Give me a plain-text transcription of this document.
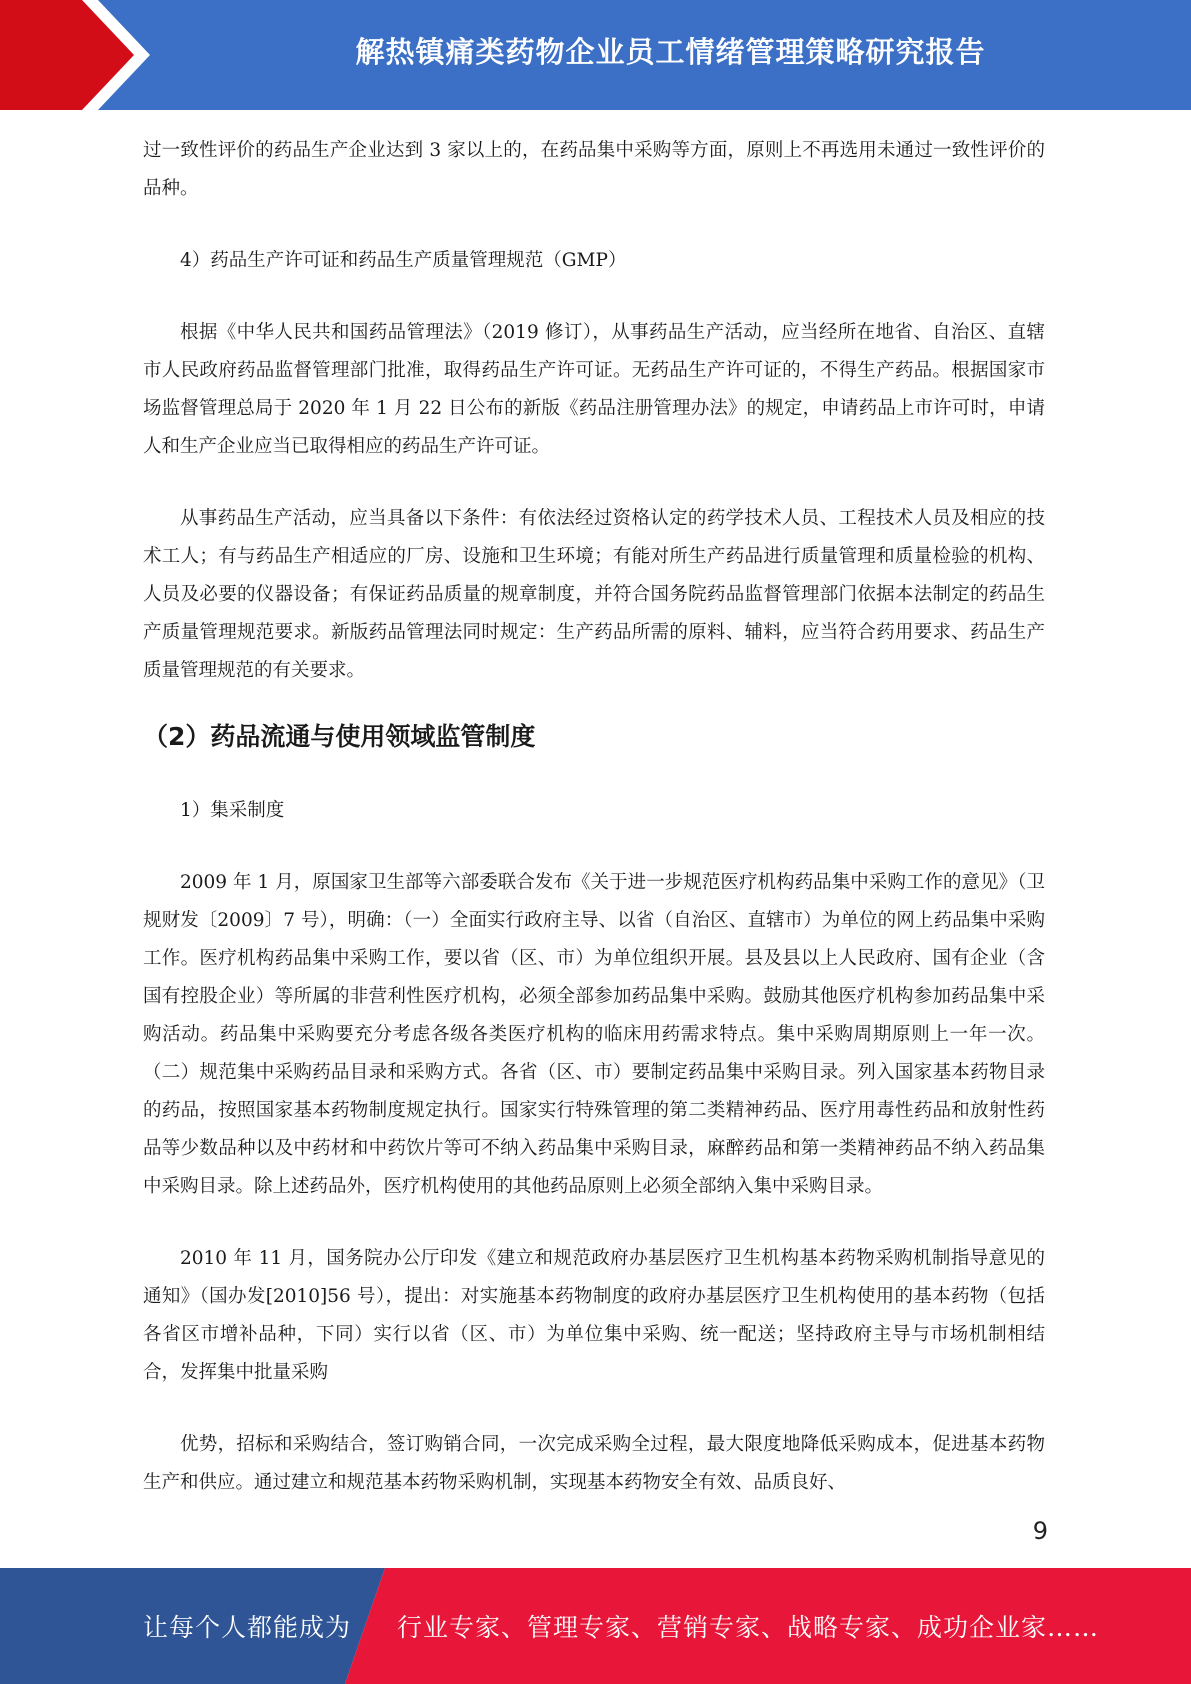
解热镇痛类药物企业员工情绪管理策略研究报告

过一致性评价的药品生产企业达到 3 家以上的，在药品集中采购等方面，原则上不再选用未通过一致性评价的品种。

4）药品生产许可证和药品生产质量管理规范（GMP）

根据《中华人民共和国药品管理法》（2019 修订），从事药品生产活动，应当经所在地省、自治区、直辖市人民政府药品监督管理部门批准，取得药品生产许可证。无药品生产许可证的，不得生产药品。根据国家市场监督管理总局于 2020 年 1 月 22 日公布的新版《药品注册管理办法》的规定，申请药品上市许可时，申请人和生产企业应当已取得相应的药品生产许可证。

从事药品生产活动，应当具备以下条件：有依法经过资格认定的药学技术人员、工程技术人员及相应的技术工人；有与药品生产相适应的厂房、设施和卫生环境；有能对所生产药品进行质量管理和质量检验的机构、人员及必要的仪器设备；有保证药品质量的规章制度，并符合国务院药品监督管理部门依据本法制定的药品生产质量管理规范要求。新版药品管理法同时规定：生产药品所需的原料、辅料，应当符合药用要求、药品生产质量管理规范的有关要求。

（2）药品流通与使用领域监管制度

1）集采制度

2009 年 1 月，原国家卫生部等六部委联合发布《关于进一步规范医疗机构药品集中采购工作的意见》（卫规财发〔2009〕7 号），明确：（一）全面实行政府主导、以省（自治区、直辖市）为单位的网上药品集中采购工作。医疗机构药品集中采购工作，要以省（区、市）为单位组织开展。县及县以上人民政府、国有企业（含国有控股企业）等所属的非营利性医疗机构，必须全部参加药品集中采购。鼓励其他医疗机构参加药品集中采购活动。药品集中采购要充分考虑各级各类医疗机构的临床用药需求特点。集中采购周期原则上一年一次。（二）规范集中采购药品目录和采购方式。各省（区、市）要制定药品集中采购目录。列入国家基本药物目录的药品，按照国家基本药物制度规定执行。国家实行特殊管理的第二类精神药品、医疗用毒性药品和放射性药品等少数品种以及中药材和中药饮片等可不纳入药品集中采购目录，麻醉药品和第一类精神药品不纳入药品集中采购目录。除上述药品外，医疗机构使用的其他药品原则上必须全部纳入集中采购目录。

2010 年 11 月，国务院办公厅印发《建立和规范政府办基层医疗卫生机构基本药物采购机制指导意见的通知》（国办发[2010]56 号），提出：对实施基本药物制度的政府办基层医疗卫生机构使用的基本药物（包括各省区市增补品种，下同）实行以省（区、市）为单位集中采购、统一配送；坚持政府主导与市场机制相结合，发挥集中批量采购

优势，招标和采购结合，签订购销合同，一次完成采购全过程，最大限度地降低采购成本，促进基本药物生产和供应。通过建立和规范基本药物采购机制，实现基本药物安全有效、品质良好、

9
让每个人都能成为 行业专家、管理专家、营销专家、战略专家、成功企业家……
